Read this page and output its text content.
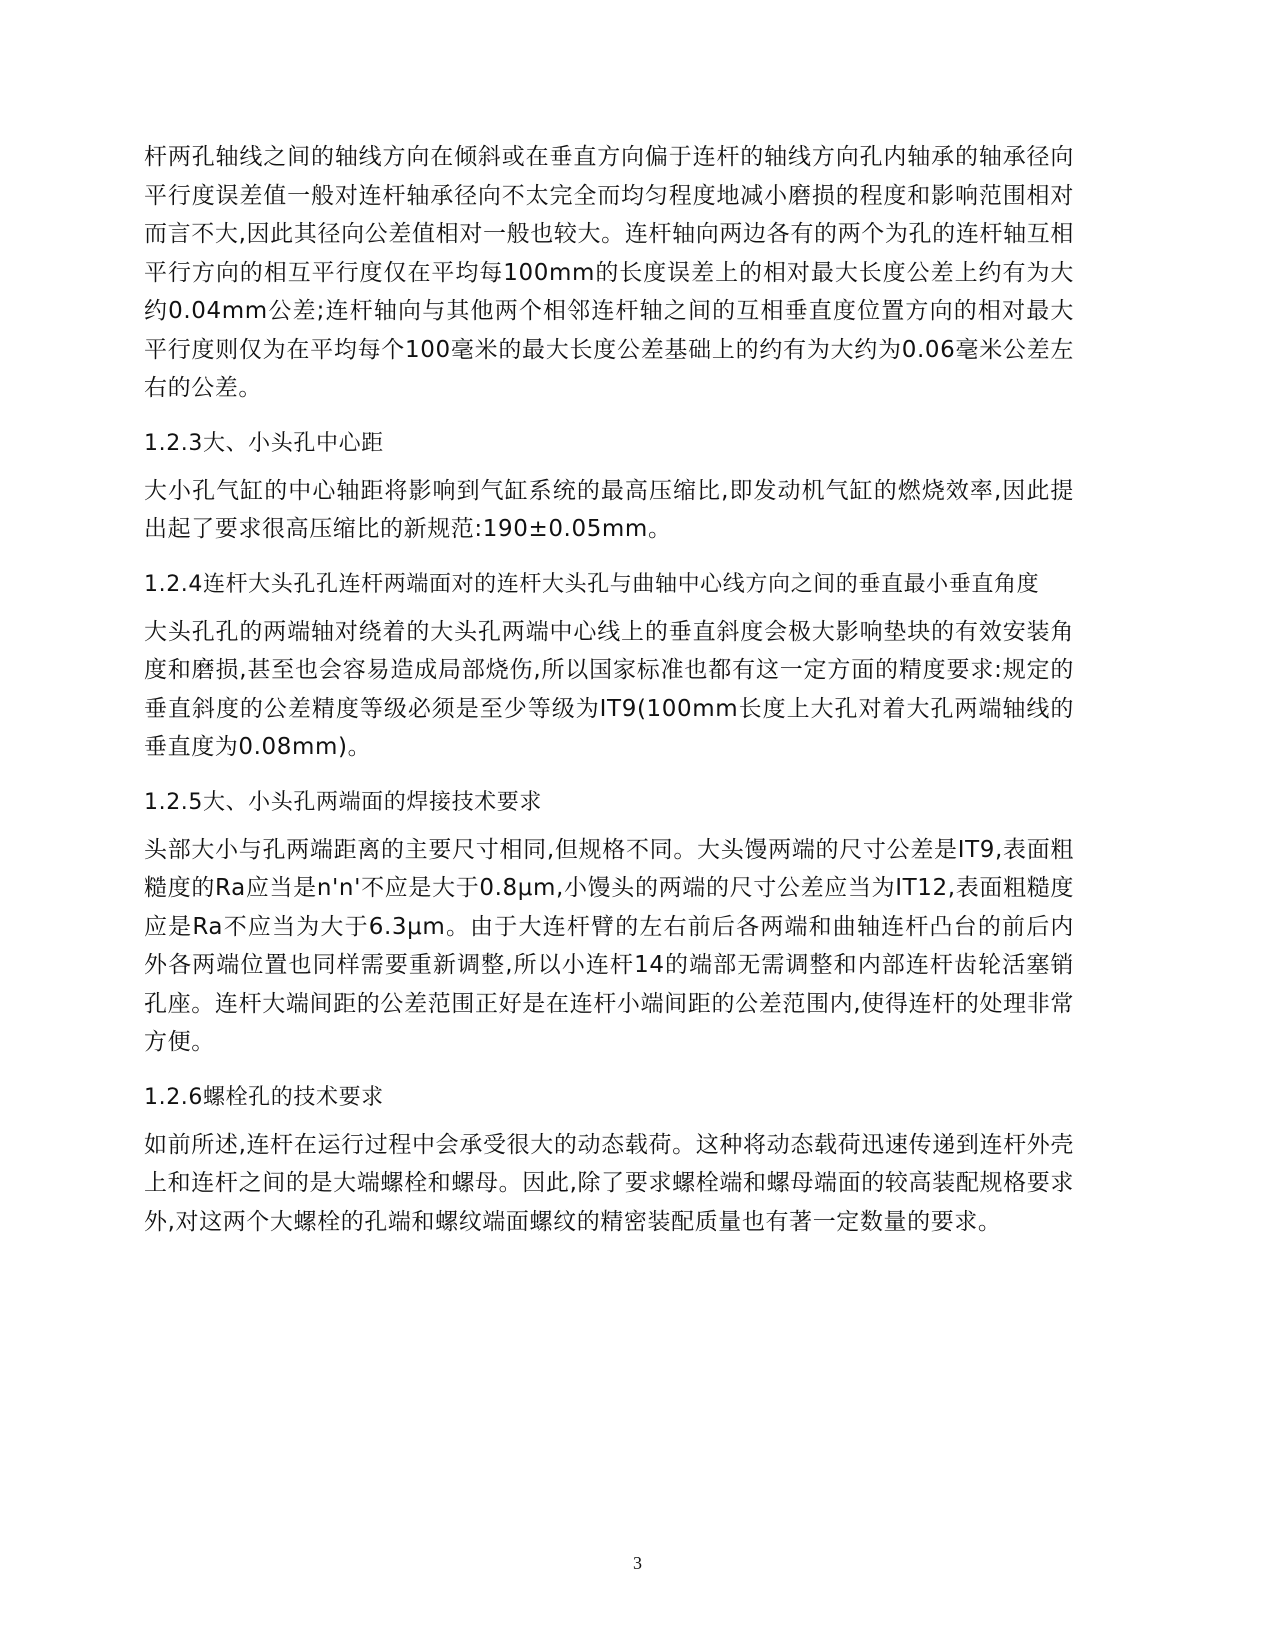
杆两孔轴线之间的轴线方向在倾斜或在垂直方向偏于连杆的轴线方向孔内轴承的轴承径向平行度误差值一般对连杆轴承径向不太完全而均匀程度地减小磨损的程度和影响范围相对而言不大,因此其径向公差值相对一般也较大。连杆轴向两边各有的两个为孔的连杆轴互相平行方向的相互平行度仅在平均每100mm的长度误差上的相对最大长度公差上约有为大约0.04mm公差;连杆轴向与其他两个相邻连杆轴之间的互相垂直度位置方向的相对最大平行度则仅为在平均每个100毫米的最大长度公差基础上的约有为大约为0.06毫米公差左右的公差。

1.2.3大、小头孔中心距

大小孔气缸的中心轴距将影响到气缸系统的最高压缩比,即发动机气缸的燃烧效率,因此提出起了要求很高压缩比的新规范:190±0.05mm。

1.2.4连杆大头孔孔连杆两端面对的连杆大头孔与曲轴中心线方向之间的垂直最小垂直角度

大头孔孔的两端轴对绕着的大头孔两端中心线上的垂直斜度会极大影响垫块的有效安装角度和磨损,甚至也会容易造成局部烧伤,所以国家标准也都有这一定方面的精度要求:规定的垂直斜度的公差精度等级必须是至少等级为IT9(100mm长度上大孔对着大孔两端轴线的垂直度为0.08mm)。

1.2.5大、小头孔两端面的焊接技术要求

头部大小与孔两端距离的主要尺寸相同,但规格不同。大头馒两端的尺寸公差是IT9,表面粗糙度的Ra应当是n'n'不应是大于0.8μm,小馒头的两端的尺寸公差应当为IT12,表面粗糙度应是Ra不应当为大于6.3μm。由于大连杆臂的左右前后各两端和曲轴连杆凸台的前后内外各两端位置也同样需要重新调整,所以小连杆14的端部无需调整和内部连杆齿轮活塞销孔座。连杆大端间距的公差范围正好是在连杆小端间距的公差范围内,使得连杆的处理非常方便。

1.2.6螺栓孔的技术要求

如前所述,连杆在运行过程中会承受很大的动态载荷。这种将动态载荷迅速传递到连杆外壳上和连杆之间的是大端螺栓和螺母。因此,除了要求螺栓端和螺母端面的较高装配规格要求外,对这两个大螺栓的孔端和螺纹端面螺纹的精密装配质量也有著一定数量的要求。

3
